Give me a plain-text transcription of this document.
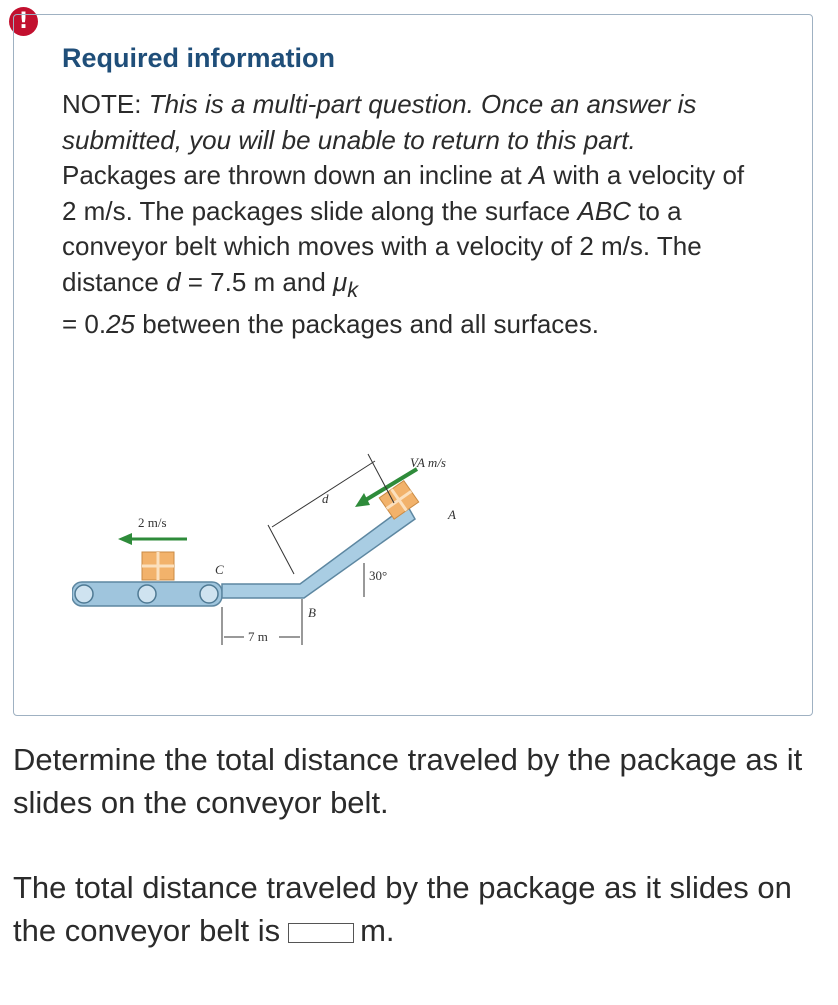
!
Required information
NOTE: This is a multi-part question. Once an answer is submitted, you will be unable to return to this part.
Packages are thrown down an incline at A with a velocity of 2 m/s. The packages slide along the surface ABC to a conveyor belt which moves with a velocity of 2 m/s. The distance d = 7.5 m and $\mu_k$
= 0.25 between the packages and all surfaces.
2 m/s
VA m/s
d
A
C
B
30°
7 m
Determine the total distance traveled by the package as it slides on the conveyor belt.
The total distance traveled by the package as it slides on the conveyor belt is	m.
